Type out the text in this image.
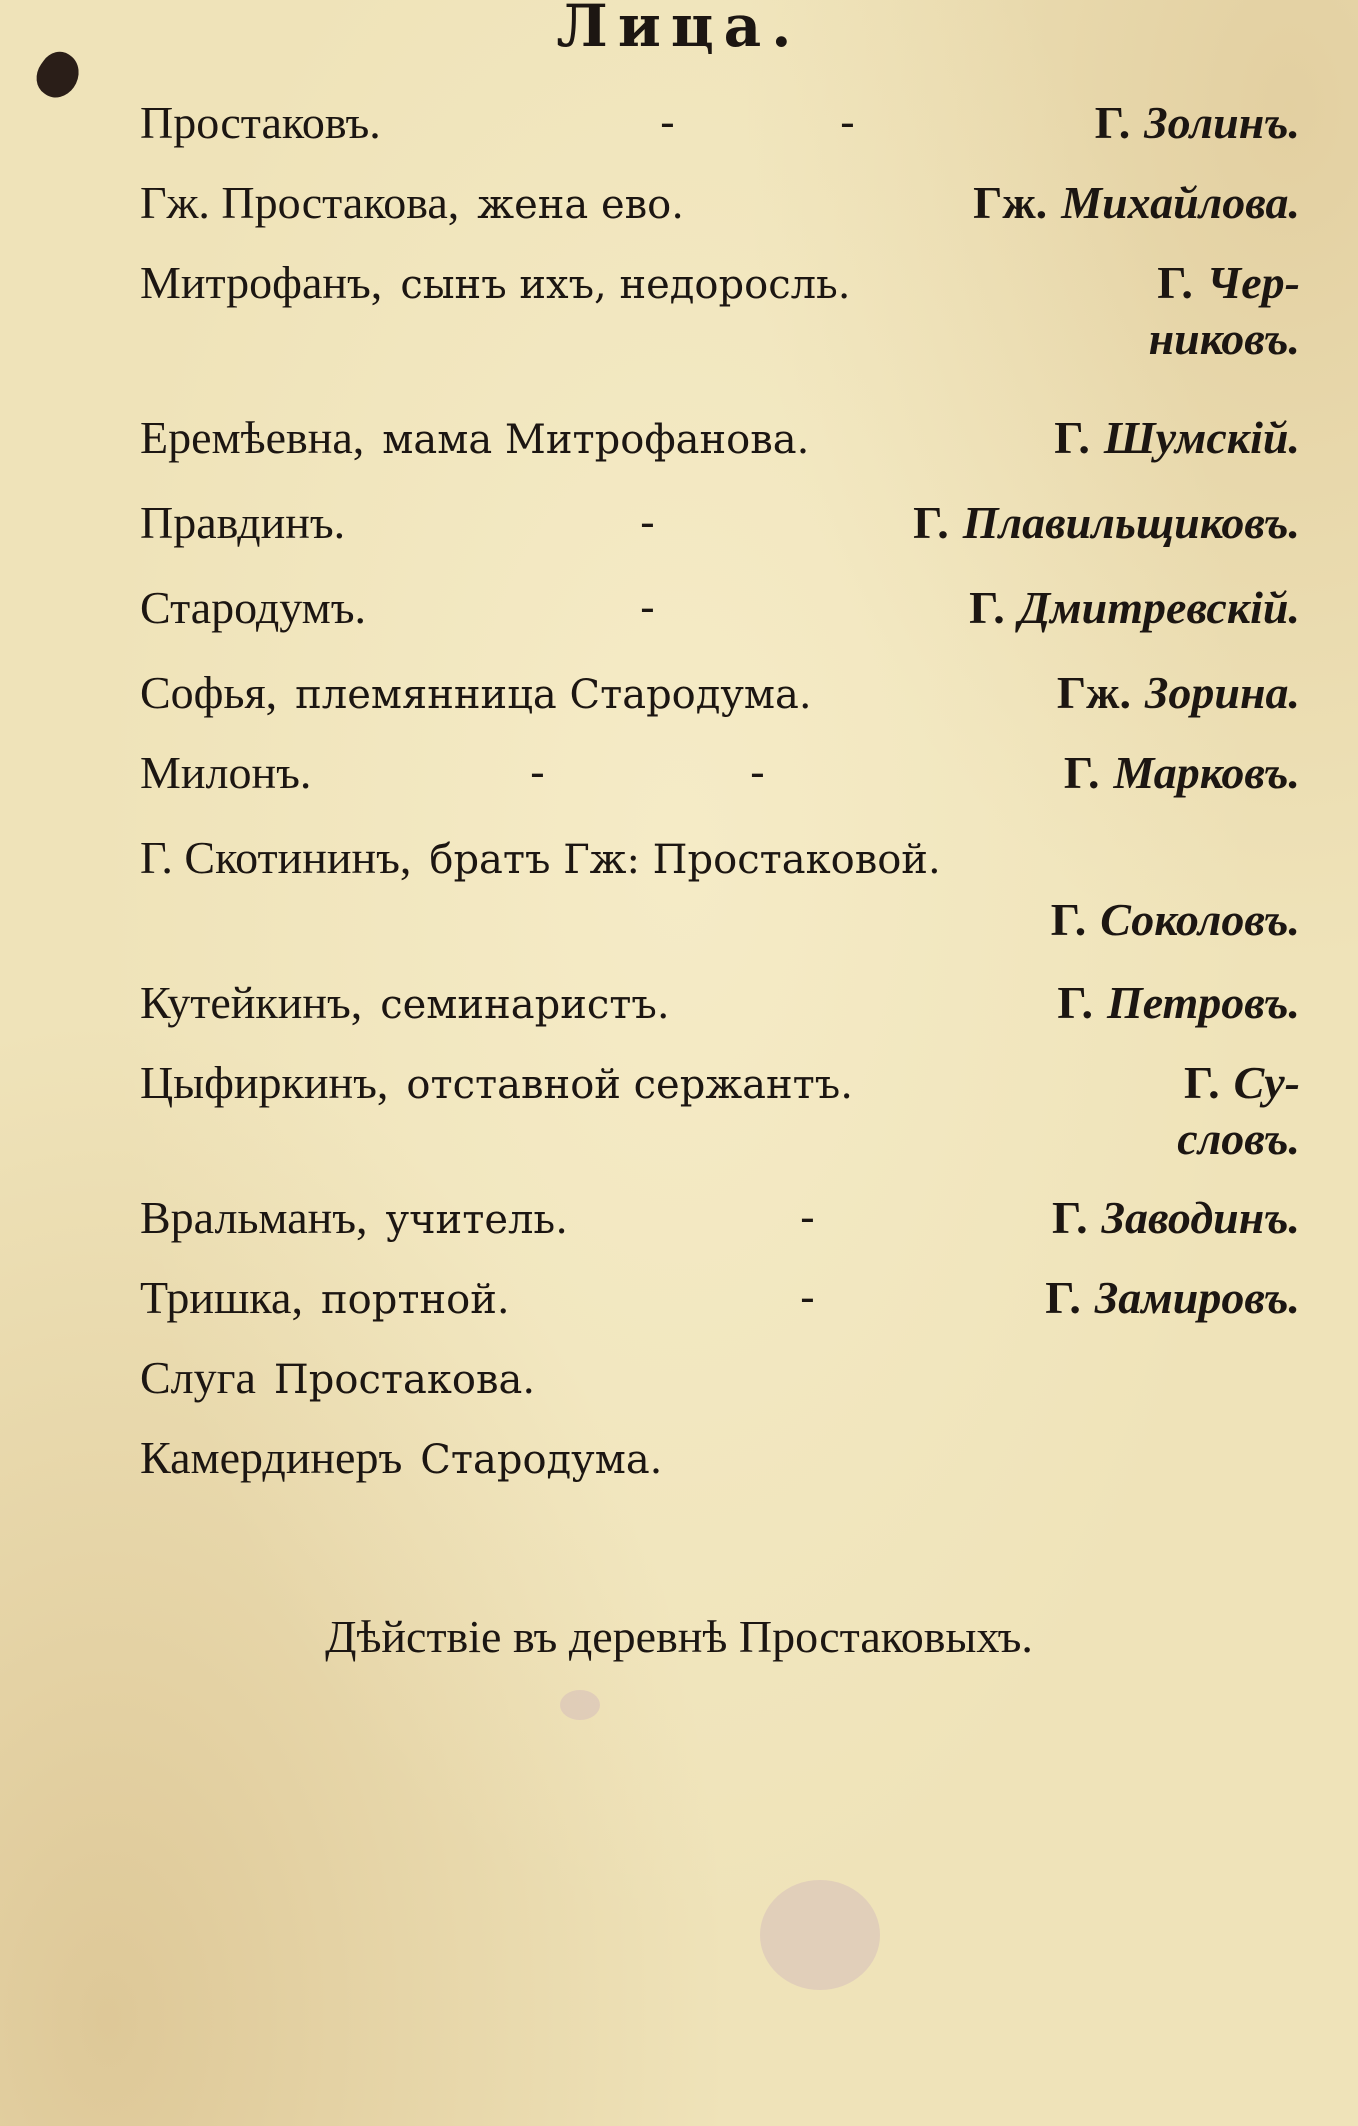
Лица.
Простаковъ.	-	-	Г. Золинъ.
Гж. Простакова, жена ево.	Гж. Михайлова.
Митрофанъ, сынъ ихъ, недоросль.	Г. Чер-
никовъ.
Еремѣевна, мама Митрофанова.	Г. Шумскій.
Правдинъ.	-	Г. Плавильщиковъ.
Стародумъ.	-	Г. Дмитревскій.
Софья, племянница Стародума.	Гж. Зорина.
Милонъ.	-	-	Г. Марковъ.
Г. Скотининъ, братъ Гж: Простаковой.
Г. Соколовъ.
Кутейкинъ, семинаристъ.	Г. Петровъ.
Цыфиркинъ, отставной сержантъ.	Г. Су-
словъ.
Вральманъ, учитель.	-	Г. Заводинъ.
Тришка, портной.	-	Г. Замировъ.
Слуга Простакова.
Камердинеръ Стародума.
Дѣйствіе въ деревнѣ Простаковыхъ.
